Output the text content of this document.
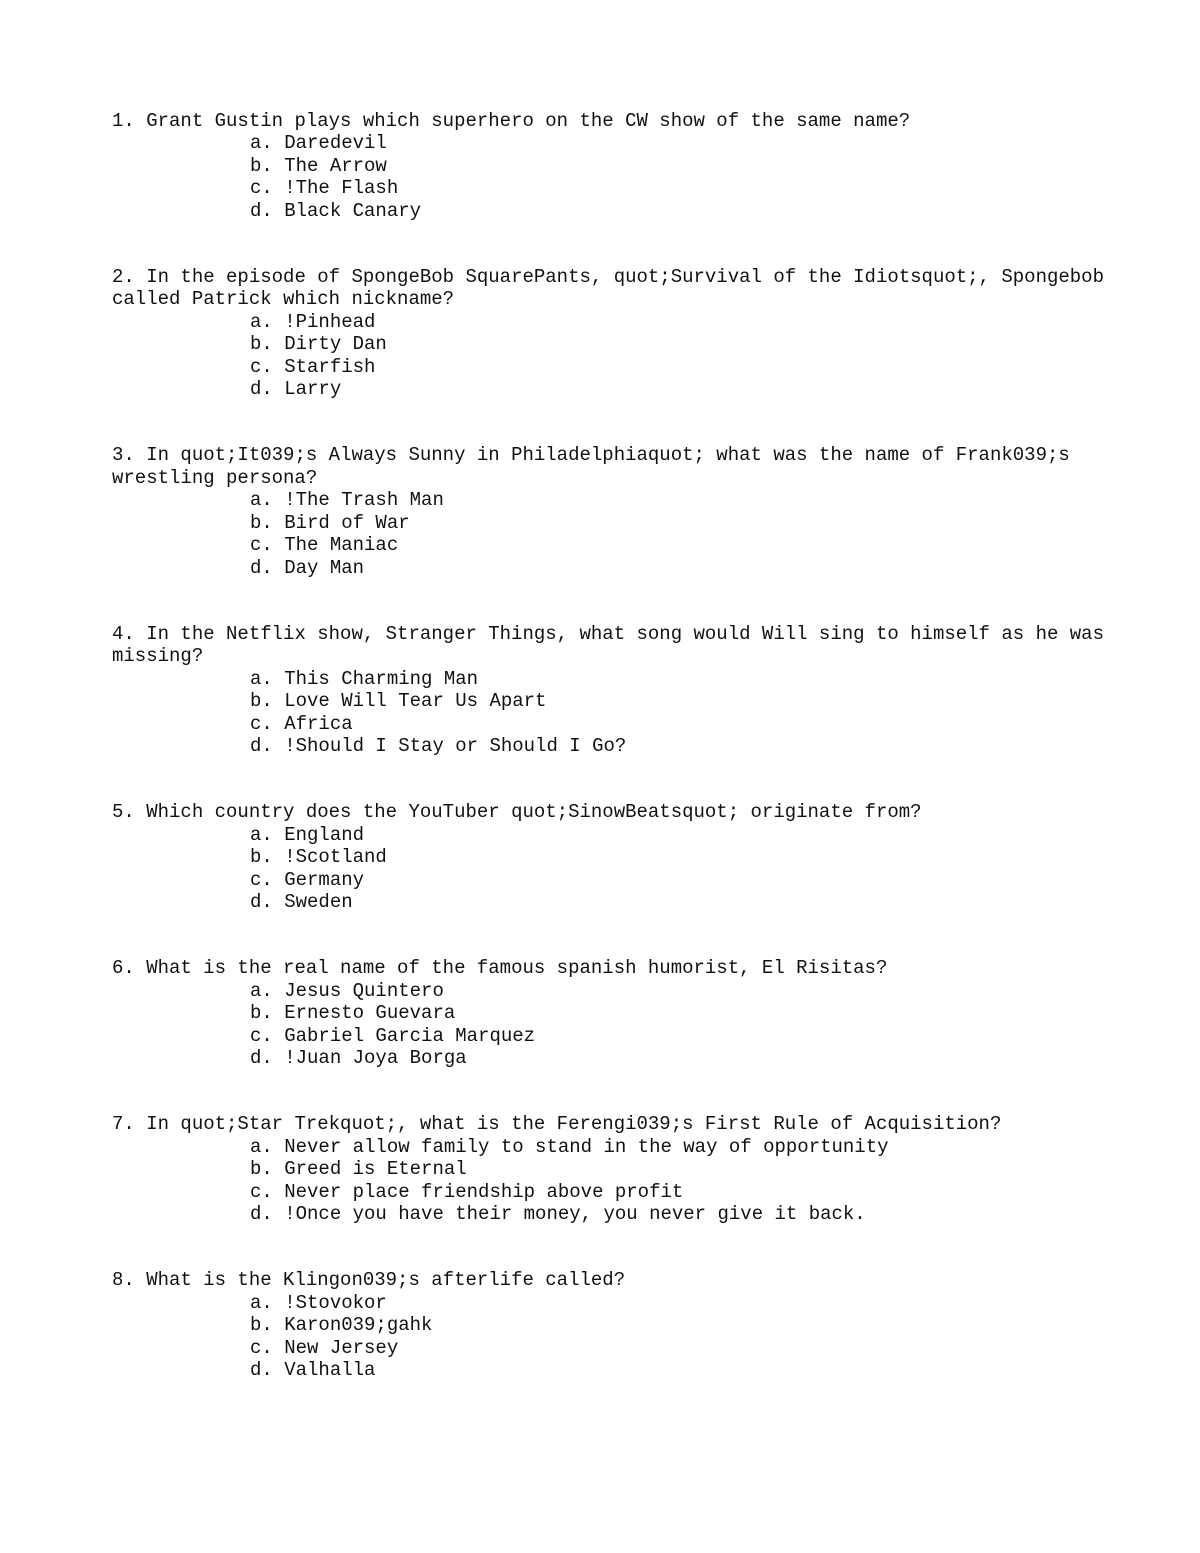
1. Grant Gustin plays which superhero on the CW show of the same name?

a. Daredevil
b. The Arrow
c. !The Flash
d. Black Canary

2. In the episode of SpongeBob SquarePants, quot;Survival of the Idiotsquot;, Spongebob called Patrick which nickname?

a. !Pinhead
b. Dirty Dan
c. Starfish
d. Larry

3. In quot;It039;s Always Sunny in Philadelphiaquot; what was the name of Frank039;s wrestling persona?

a. !The Trash Man
b. Bird of War
c. The Maniac
d. Day Man

4. In the Netflix show, Stranger Things, what song would Will sing to himself as he was missing?

a. This Charming Man
b. Love Will Tear Us Apart
c. Africa
d. !Should I Stay or Should I Go?

5. Which country does the YouTuber quot;SinowBeatsquot; originate from?

a. England
b. !Scotland
c. Germany
d. Sweden

6. What is the real name of the famous spanish humorist, El Risitas?

a. Jesus Quintero
b. Ernesto Guevara
c. Gabriel Garcia Marquez
d. !Juan Joya Borga

7. In quot;Star Trekquot;, what is the Ferengi039;s First Rule of Acquisition?

a. Never allow family to stand in the way of opportunity
b. Greed is Eternal
c. Never place friendship above profit
d. !Once you have their money, you never give it back.

8. What is the Klingon039;s afterlife called?

a. !Stovokor
b. Karon039;gahk
c. New Jersey
d. Valhalla
